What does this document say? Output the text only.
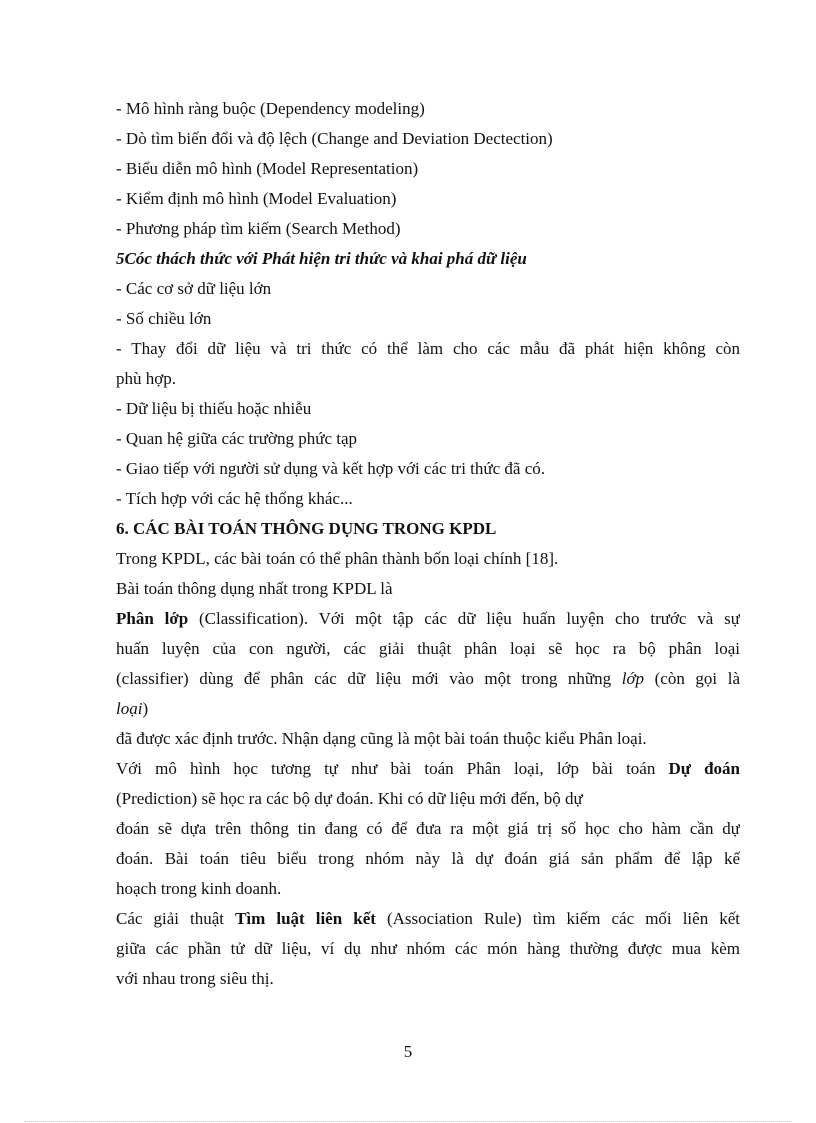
- Mô hình ràng buộc (Dependency modeling)
- Dò tìm biến đổi và độ lệch (Change and Deviation Dectection)
- Biểu diễn mô hình (Model Representation)
- Kiểm định mô hình (Model Evaluation)
- Phương pháp tìm kiếm (Search Method)
5Cóc thách thức với Phát hiện tri thức và khai phá dữ liệu
- Các cơ sở dữ liệu lớn
- Số chiều lớn
- Thay đổi dữ liệu và tri thức có thể làm cho các mẫu đã phát hiện không còn
phù hợp.
- Dữ liệu bị thiếu hoặc nhiễu
- Quan hệ giữa các trường phức tạp
- Giao tiếp với người sử dụng và kết hợp với các tri thức đã có.
- Tích hợp với các hệ thống khác...
6. CÁC BÀI TOÁN THÔNG DỤNG TRONG KPDL
Trong KPDL, các bài toán có thể phân thành bốn loại chính [18].
Bài toán thông dụng nhất trong KPDL là
Phân lớp (Classification). Với một tập các dữ liệu huấn luyện cho trước và sự
huấn luyện của con người, các giải thuật phân loại sẽ học ra bộ phân loại
(classifier) dùng để phân các dữ liệu mới vào một trong những lớp (còn gọi là
loại)
đã được xác định trước. Nhận dạng cũng là một bài toán thuộc kiểu Phân loại.
Với mô hình học tương tự như bài toán Phân loại, lớp bài toán Dự đoán
(Prediction) sẽ học ra các bộ dự đoán. Khi có dữ liệu mới đến, bộ dự
đoán sẽ dựa trên thông tin đang có để đưa ra một giá trị số học cho hàm cần dự
đoán. Bài toán tiêu biểu trong nhóm này là dự đoán giá sản phẩm để lập kế
hoạch trong kinh doanh.
Các giải thuật Tìm luật liên kết (Association Rule) tìm kiếm các mối liên kết
giữa các phần tử dữ liệu, ví dụ như nhóm các món hàng thường được mua kèm
với nhau trong siêu thị.
5
